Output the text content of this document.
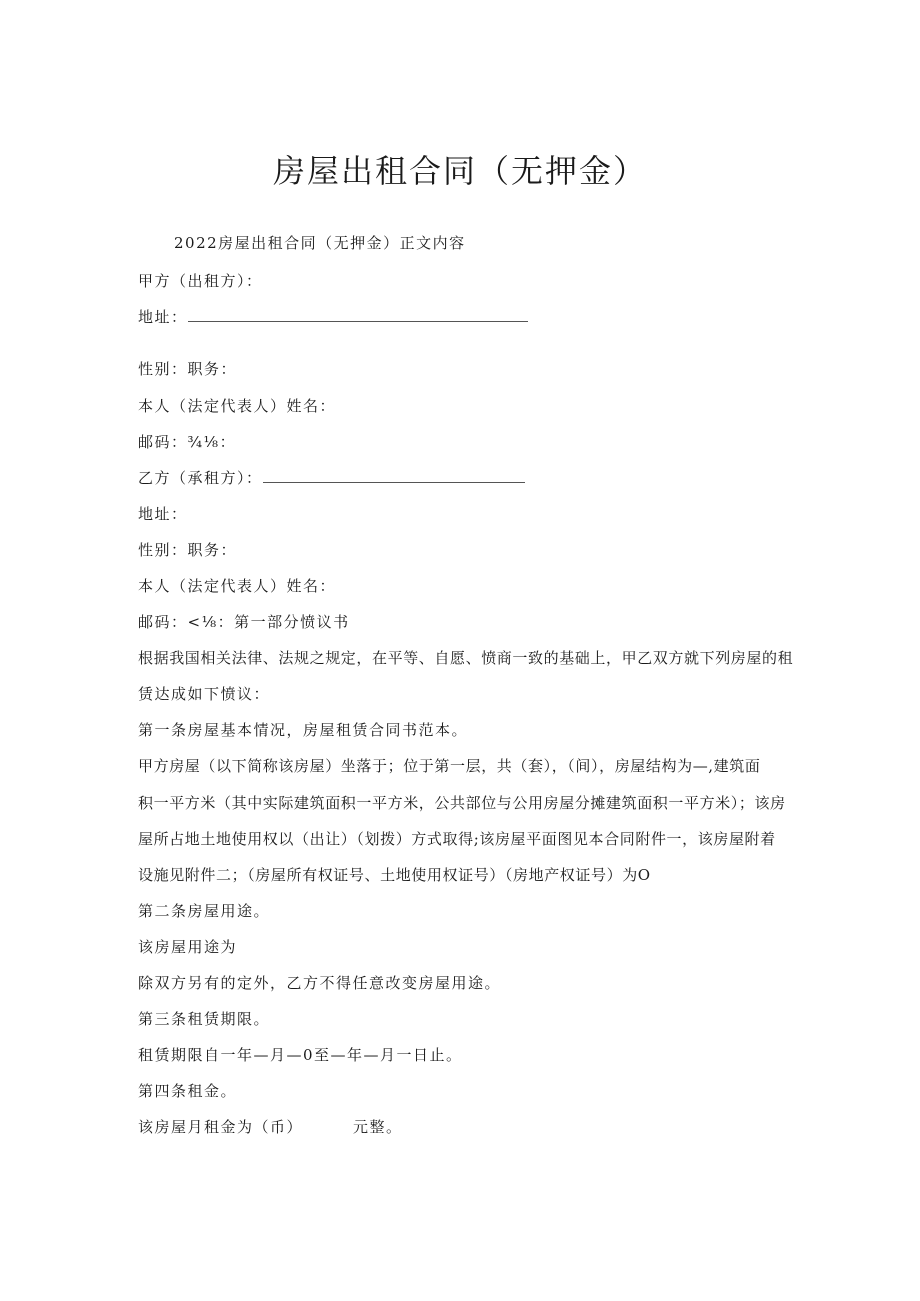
房屋出租合同（无押金）
2022房屋出租合同（无押金）正文内容
甲方（出租方）：
地址：
性别：职务：
本人（法定代表人）姓名：
邮码：¾⅛：
乙方（承租方）：
地址：
性别：职务：
本人（法定代表人）姓名：
邮码：<⅛：第一部分愤议书
根据我国相关法律、法规之规定，在平等、自愿、愤商一致的基础上，甲乙双方就下列房屋的租
赁达成如下愤议：
第一条房屋基本情况，房屋租赁合同书范本。
甲方房屋（以下简称该房屋）坐落于；位于第一层，共（套），（间），房屋结构为—,建筑面
积一平方米（其中实际建筑面积一平方米，公共部位与公用房屋分摊建筑面积一平方米）；该房
屋所占地土地使用权以（出让）（划拨）方式取得;该房屋平面图见本合同附件一，该房屋附着
设施见附件二；（房屋所有权证号、土地使用权证号）（房地产权证号）为O
第二条房屋用途。
该房屋用途为
除双方另有的定外，乙方不得任意改变房屋用途。
第三条租赁期限。
租赁期限自一年—月—0至—年—月一日止。
第四条租金。
该房屋月租金为（币）	元整。
